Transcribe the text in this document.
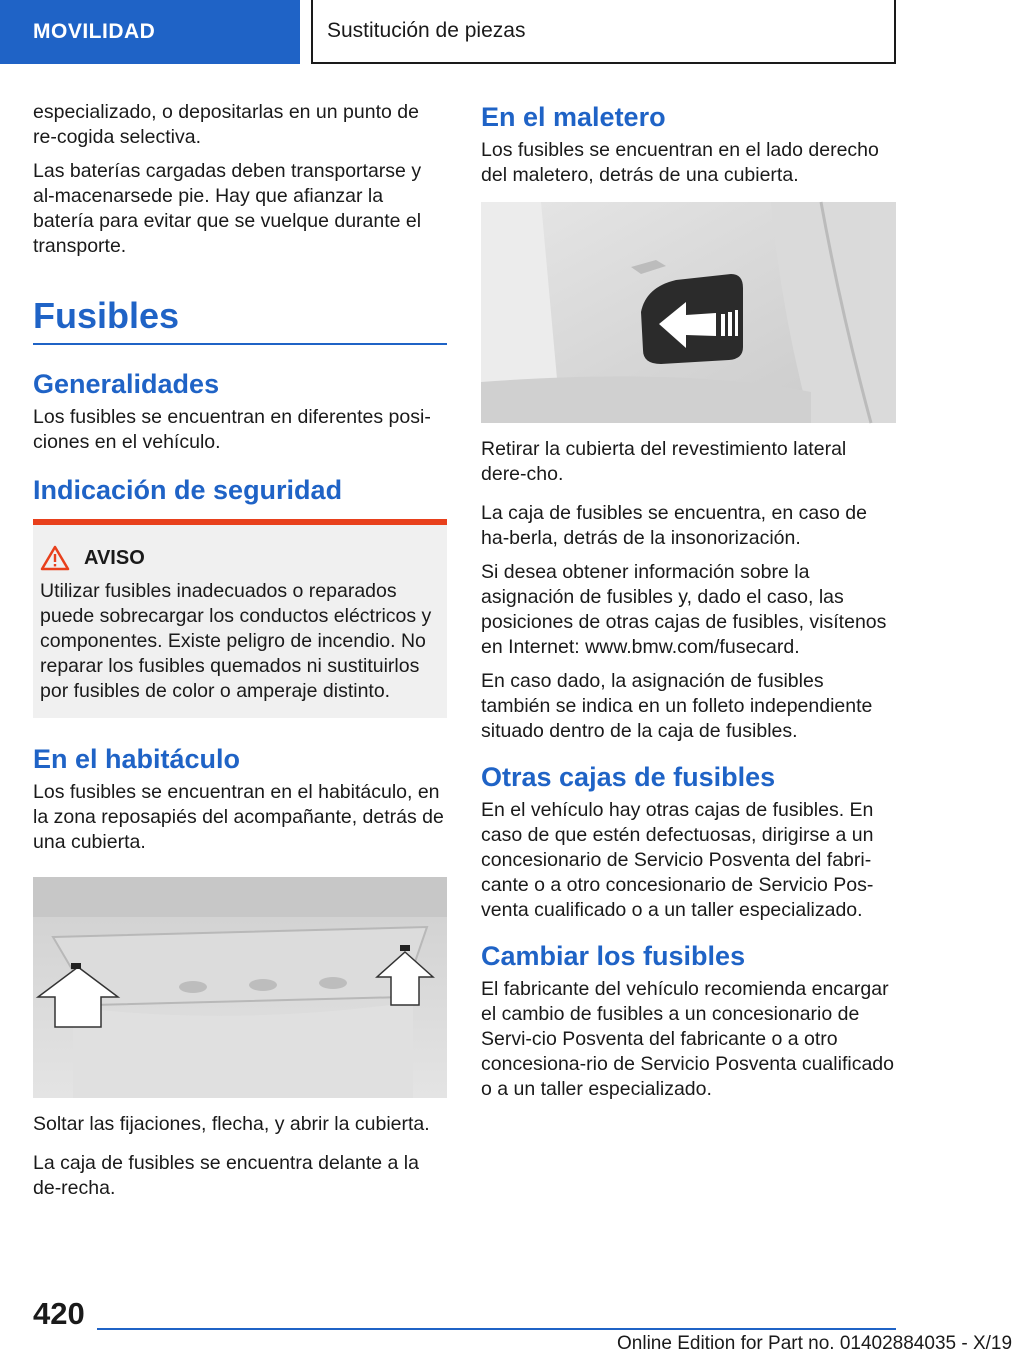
MOVILIDAD	Sustitución de piezas

especializado, o depositarlas en un punto de re-cogida selectiva.

Las baterías cargadas deben transportarse y al-macenarsede pie. Hay que afianzar la batería para evitar que se vuelque durante el transporte.

Fusibles
Generalidades

Los fusibles se encuentran en diferentes posi-ciones en el vehículo.

Indicación de seguridad
AVISO

Utilizar fusibles inadecuados o reparados puede sobrecargar los conductos eléctricos y componentes. Existe peligro de incendio. No reparar los fusibles quemados ni sustituirlos por fusibles de color o amperaje distinto.

En el habitáculo

Los fusibles se encuentran en el habitáculo, en la zona reposapiés del acompañante, detrás de una cubierta.

Soltar las fijaciones, flecha, y abrir la cubierta.

La caja de fusibles se encuentra delante a la de-recha.

En el maletero

Los fusibles se encuentran en el lado derecho del maletero, detrás de una cubierta.

Retirar la cubierta del revestimiento lateral dere-cho.

La caja de fusibles se encuentra, en caso de ha-berla, detrás de la insonorización.

Si desea obtener información sobre la asignación de fusibles y, dado el caso, las posiciones de otras cajas de fusibles, visítenos en Internet: www.bmw.com/fusecard.

En caso dado, la asignación de fusibles también se indica en un folleto independiente situado dentro de la caja de fusibles.

Otras cajas de fusibles

En el vehículo hay otras cajas de fusibles. En caso de que estén defectuosas, dirigirse a un concesionario de Servicio Posventa del fabri-cante o a otro concesionario de Servicio Pos-venta cualificado o a un taller especializado.

Cambiar los fusibles

El fabricante del vehículo recomienda encargar el cambio de fusibles a un concesionario de Servi-cio Posventa del fabricante o a otro concesiona-rio de Servicio Posventa cualificado o a un taller especializado.

420
Online Edition for Part no. 01402884035 - X/19
